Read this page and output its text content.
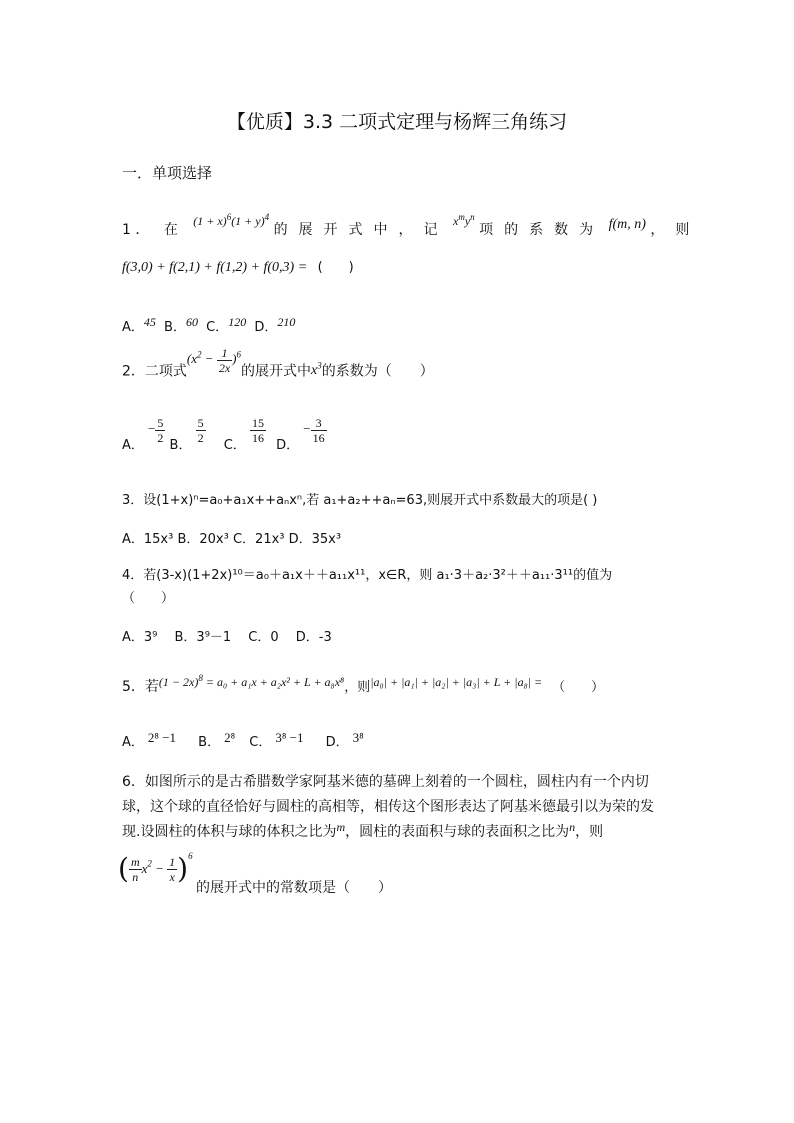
【优质】3.3 二项式定理与杨辉三角练习
一．单项选择
1 ． 在 $(1 + x)^6(1 + y)^4$ 的展开式中，记 $x^my^n$ 项的系数为 f(m, n) ，则
f(3,0) + f(2,1) + f(1,2) + f(0,3) = (　　)
A．45 B．60 C．120 D．210
2．二项式$(x^2 - \frac{1}{2x} )^6$的展开式中$x^3$的系数为（　　）
A． − $\frac{5}{2}$
B．
$\frac{5}{2}$
C．
$\frac{15}{16}$
D． − $\frac{3}{16}$
3．设(1+x)ⁿ=a₀+a₁x++aₙxⁿ,若 a₁+a₂++aₙ=63,则展开式中系数最大的项是( )
A．15x³ B．20x³ C．21x³ D．35x³
4．若(3-x)(1+2x)¹⁰＝a₀＋a₁x＋＋a₁₁x¹¹，x∈R，则 a₁·3＋a₂·3²＋＋a₁₁·3¹¹的值为
（　　）
A．3⁹　 B．3⁹－1　 C．0　 D．-3
5．若$(1 - 2x)^8 = a_0 + a_1x + a_2x^2 + L + a_8x^8$，则|a₀| + |a₁| + |a₂| + |a₃| + L + |a₈| = （　　）
A． 2⁸ −1 B． 2⁸ C． 3⁸ −1 D． 3⁸
6．如图所示的是古希腊数学家阿基米德的墓碑上刻着的一个圆柱，圆柱内有一个内切
球，这个球的直径恰好与圆柱的高相等，相传这个图形表达了阿基米德最引以为荣的发
现.设圆柱的体积与球的体积之比为m，圆柱的表面积与球的表面积之比为n，则
( $\frac{m}{n} x^2 - \frac{1}{x} )^6$
的展开式中的常数项是（　　）
